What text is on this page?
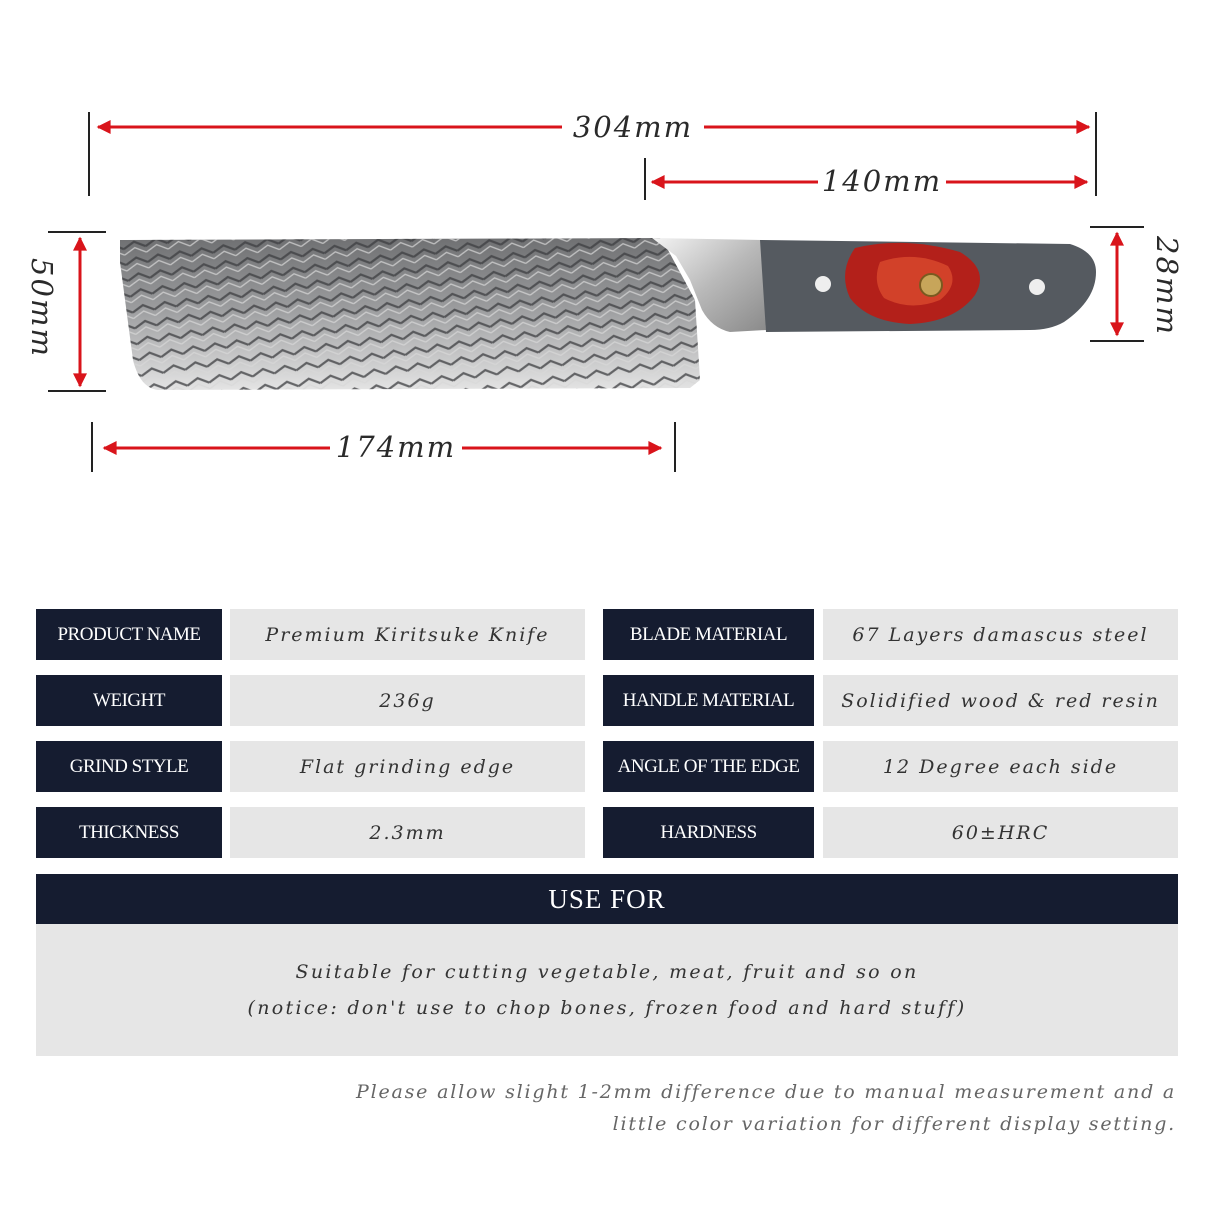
304mm
140mm
50mm	28mm
174mm
PRODUCT NAME	Premium Kiritsuke Knife	BLADE MATERIAL	67 Layers damascus steel
WEIGHT	236g	HANDLE MATERIAL	Solidified wood & red resin
GRIND STYLE	Flat grinding edge	ANGLE OF THE EDGE	12 Degree each side
THICKNESS	2.3mm	HARDNESS	60±HRC
USE FOR

Suitable for cutting vegetable, meat, fruit and so on

(notice: don't use to chop bones, frozen food and hard stuff)

Please allow slight 1-2mm difference due to manual measurement and a
little color variation for different display setting.
